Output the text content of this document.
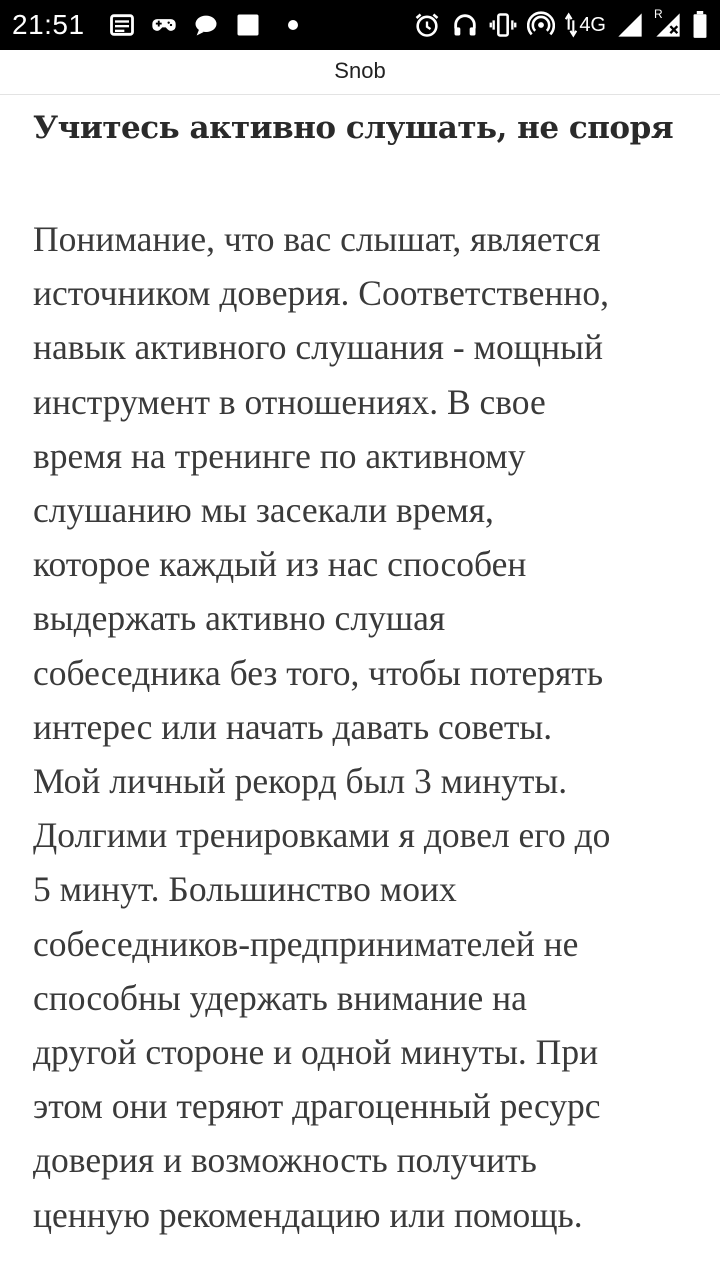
21:51	4G	R
Snob
Учитесь активно слушать, не споря

Понимание, что вас слышат, является
источником доверия. Соответственно,
навык активного слушания - мощный
инструмент в отношениях. В свое
время на тренинге по активному
слушанию мы засекали время,
которое каждый из нас способен
выдержать активно слушая
собеседника без того, чтобы потерять
интерес или начать давать советы.
Мой личный рекорд был 3 минуты.
Долгими тренировками я довел его до
5 минут. Большинство моих
собеседников-предпринимателей не
способны удержать внимание на
другой стороне и одной минуты. При
этом они теряют драгоценный ресурс
доверия и возможность получить
ценную рекомендацию или помощь.
